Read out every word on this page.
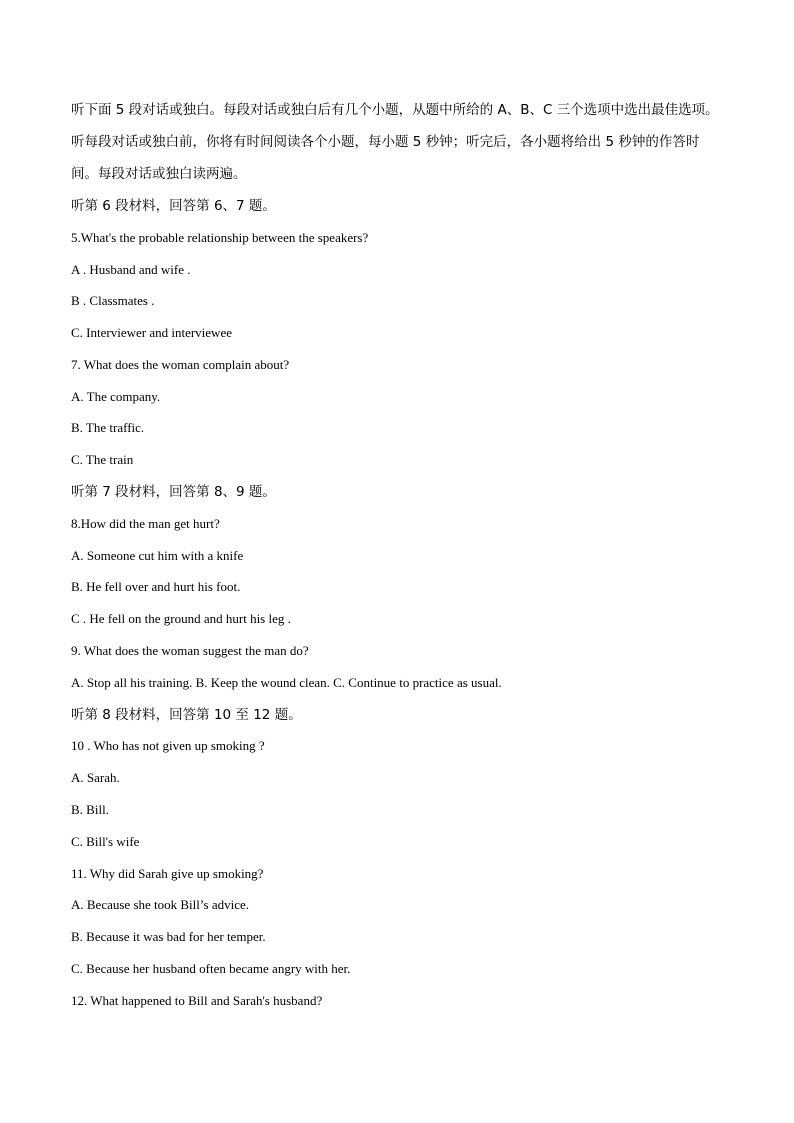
听下面 5 段对话或独白。每段对话或独白后有几个小题，从题中所给的 A、B、C 三个选项中选出最佳选项。
听每段对话或独白前，你将有时间阅读各个小题，每小题 5 秒钟；听完后，各小题将给出 5 秒钟的作答时
间。每段对话或独白读两遍。
听第 6 段材料，回答第 6、7 题。
5.What's the probable relationship between the speakers?
A . Husband and wife .
B . Classmates .
C. Interviewer and interviewee
7. What does the woman complain about?
A. The company.
B. The traffic.
C. The train
听第 7 段材料，回答第 8、9 题。
8.How did the man get hurt?
A. Someone cut him with a knife
B. He fell over and hurt his foot.
C . He fell on the ground and hurt his leg .
9. What does the woman suggest the man do?
A. Stop all his training. B. Keep the wound clean. C. Continue to practice as usual.
听第 8 段材料，回答第 10 至 12 题。
10 . Who has not given up smoking ?
A. Sarah.
B. Bill.
C. Bill's wife
11. Why did Sarah give up smoking?
A. Because she took Bill’s advice.
B. Because it was bad for her temper.
C. Because her husband often became angry with her.
12. What happened to Bill and Sarah's husband?
